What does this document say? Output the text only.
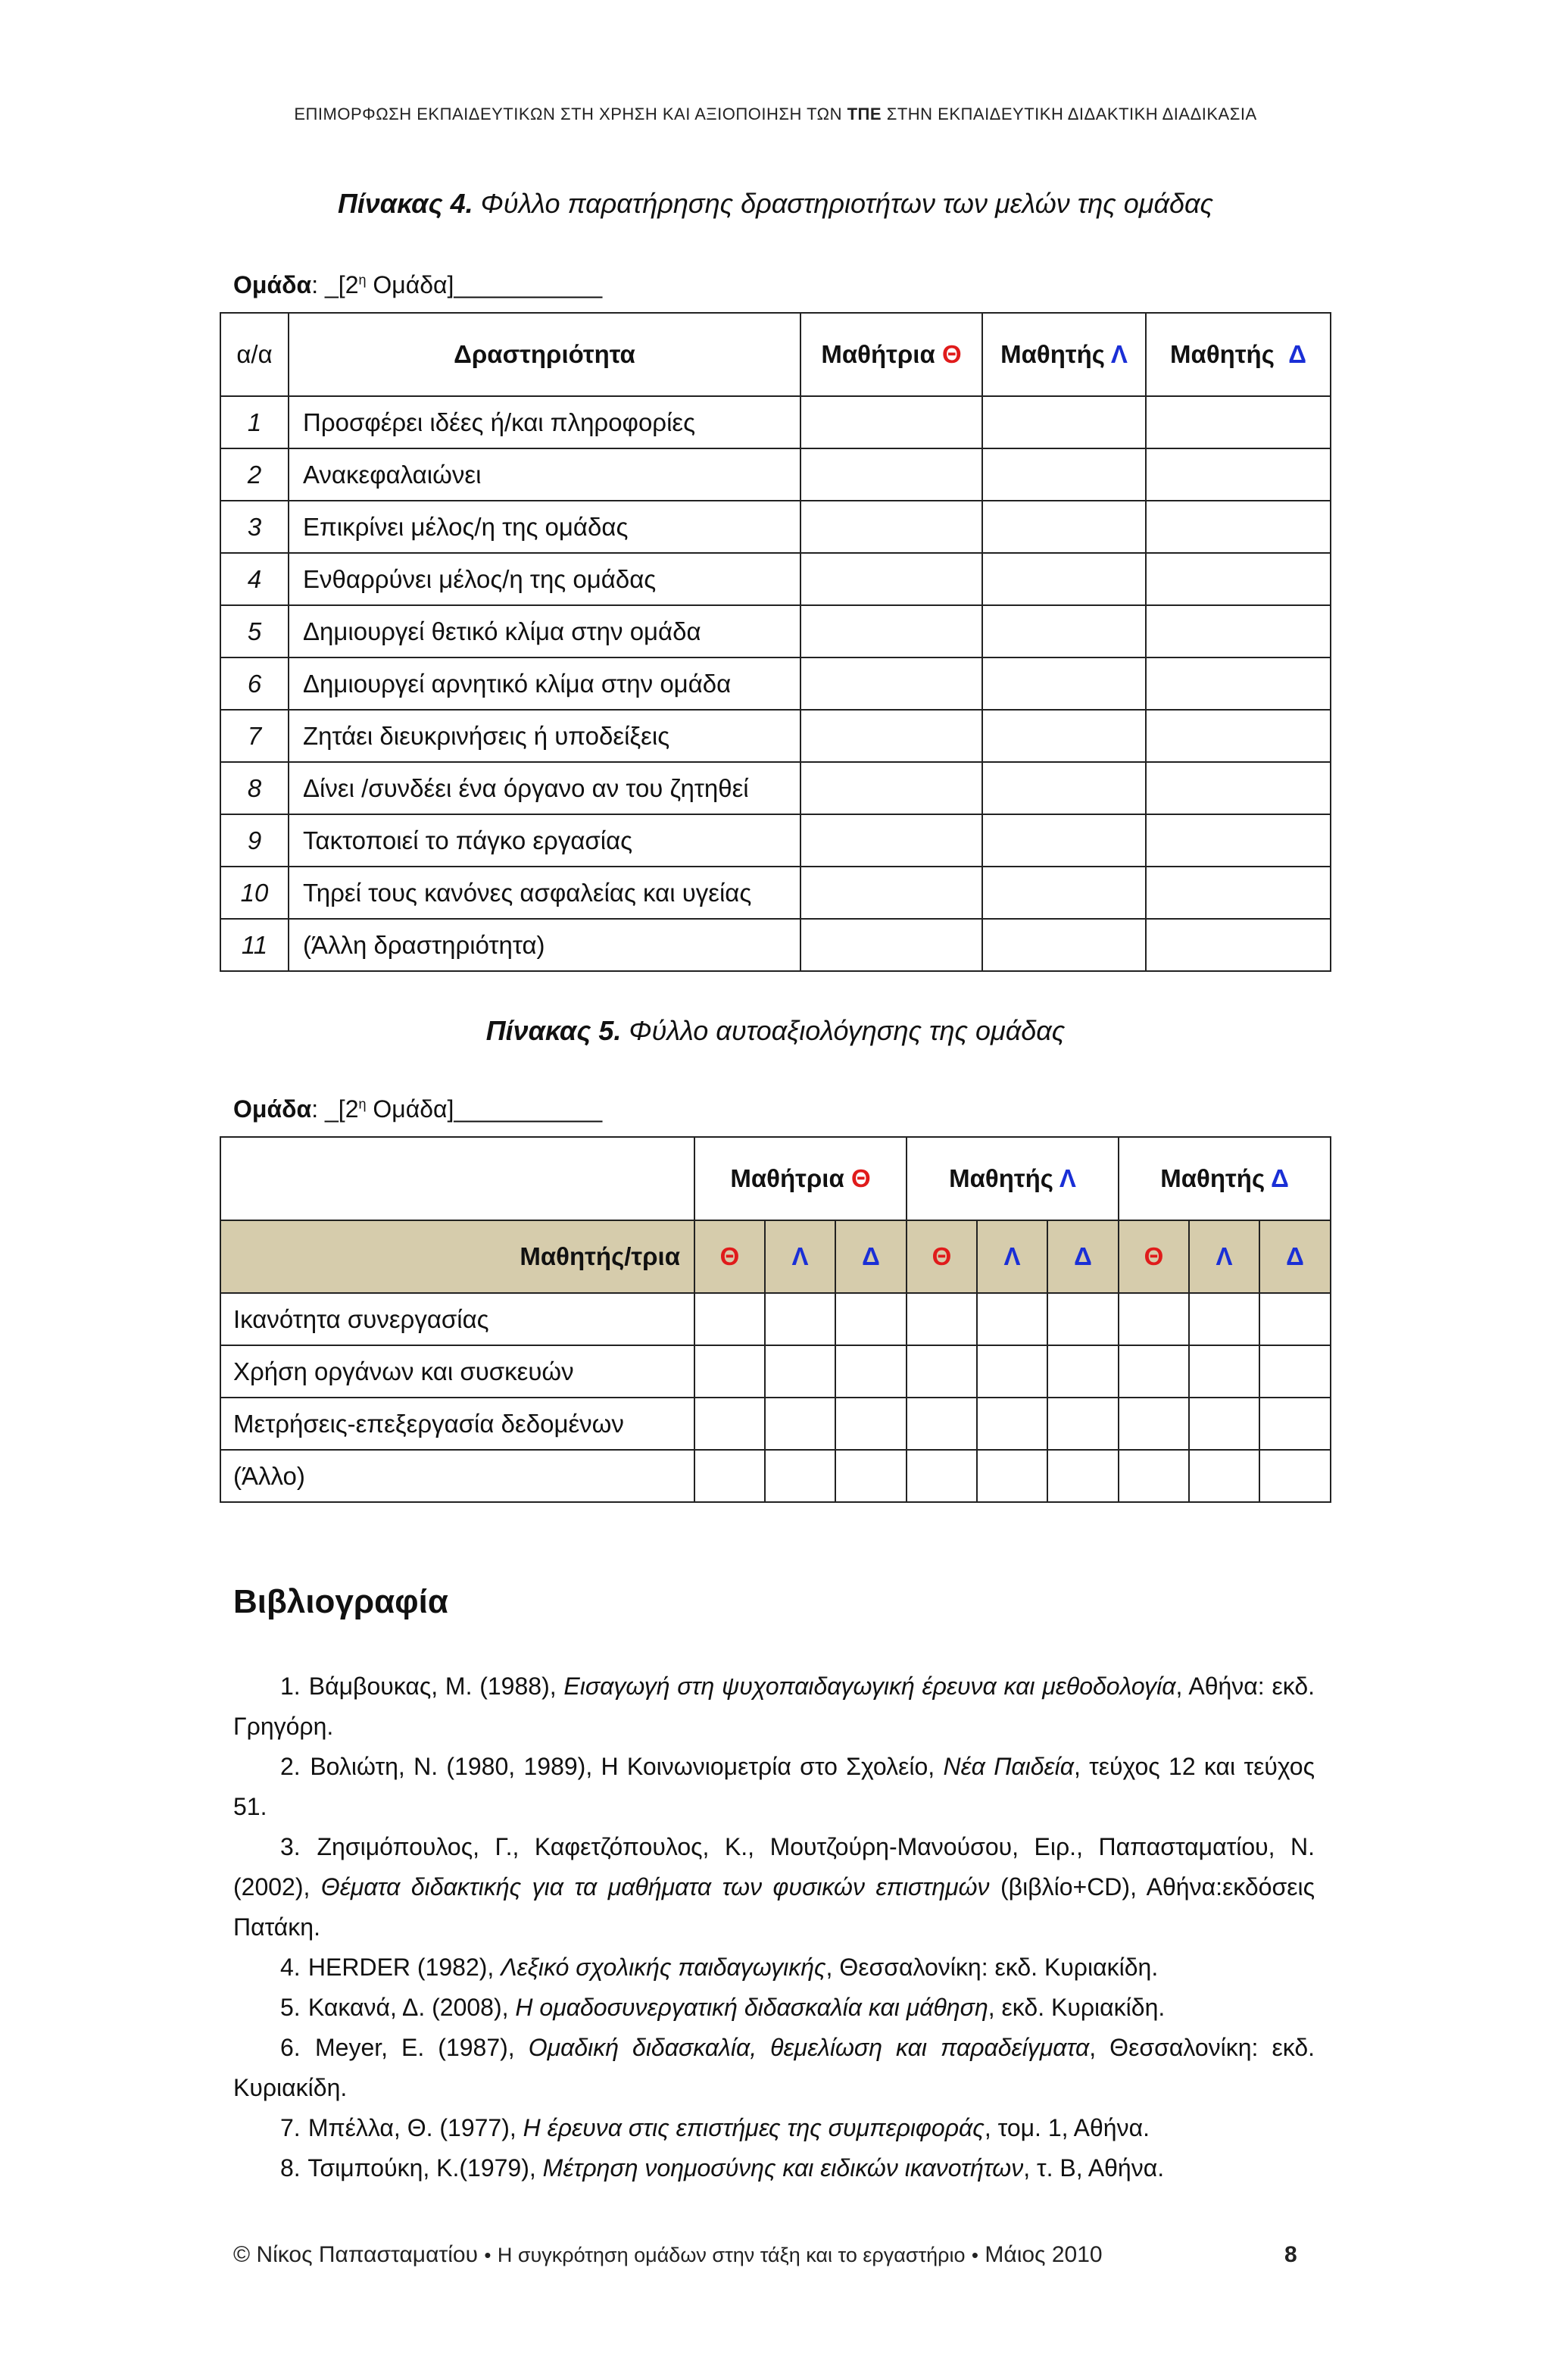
ΕΠΙΜΟΡΦΩΣΗ ΕΚΠΑΙΔΕΥΤΙΚΩΝ ΣΤΗ ΧΡΗΣΗ ΚΑΙ ΑΞΙΟΠΟΙΗΣΗ ΤΩΝ ΤΠΕ ΣΤΗΝ ΕΚΠΑΙΔΕΥΤΙΚΗ ΔΙΔΑΚΤΙΚΗ ΔΙΑΔΙΚΑΣΙΑ
Πίνακας 4. Φύλλο παρατήρησης δραστηριοτήτων των μελών της ομάδας
Ομάδα: $\_[2^\eta$ Ομάδα]___________
α/α	Δραστηριότητα	Μαθήτρια Θ	Μαθητής Λ	Μαθητής Δ
1	Προσφέρει ιδέες ή/και πληροφορίες			
2	Ανακεφαλαιώνει			
3	Επικρίνει μέλος/η της ομάδας			
4	Ενθαρρύνει μέλος/η της ομάδας			
5	Δημιουργεί θετικό κλίμα στην ομάδα			
6	Δημιουργεί αρνητικό κλίμα στην ομάδα			
7	Ζητάει διευκρινήσεις ή υποδείξεις			
8	Δίνει /συνδέει ένα όργανο αν του ζητηθεί			
9	Τακτοποιεί το πάγκο εργασίας			
10	Τηρεί τους κανόνες ασφαλείας και υγείας			
11	(Άλλη δραστηριότητα)			
Πίνακας 5. Φύλλο αυτοαξιολόγησης της ομάδας
Ομάδα: $\_[2^\eta$ Ομάδα]___________
	Μαθήτρια Θ			Μαθητής Λ			Μαθητής Δ		
Μαθητής/τρια	Θ	Λ	Δ	Θ	Λ	Δ	Θ	Λ	Δ
Ικανότητα συνεργασίας									
Χρήση οργάνων και συσκευών									
Μετρήσεις-επεξεργασία δεδομένων									
(Άλλο)									
Βιβλιογραφία

1. Βάμβουκας, Μ. (1988), Εισαγωγή στη ψυχοπαιδαγωγική έρευνα και μεθοδολογία, Αθήνα: εκδ. Γρηγόρη.

2. Βολιώτη, Ν. (1980, 1989), Η Κοινωνιομετρία στο Σχολείο, Νέα Παιδεία, τεύχος 12 και τεύχος 51.

3. Ζησιμόπουλος, Γ., Καφετζόπουλος, Κ., Μουτζούρη-Μανούσου, Ειρ., Παπασταματίου, Ν. (2002), Θέματα διδακτικής για τα μαθήματα των φυσικών επιστημών (βιβλίο+CD), Αθήνα:εκδόσεις Πατάκη.

4. HERDER (1982), Λεξικό σχολικής παιδαγωγικής, Θεσσαλονίκη: εκδ. Κυριακίδη.

5. Κακανά, Δ. (2008), Η ομαδοσυνεργατική διδασκαλία και μάθηση, εκδ. Κυριακίδη.

6. Meyer, E. (1987), Ομαδική διδασκαλία, θεμελίωση και παραδείγματα, Θεσσαλονίκη: εκδ. Κυριακίδη.

7. Μπέλλα, Θ. (1977), Η έρευνα στις επιστήμες της συμπεριφοράς, τομ. 1, Αθήνα.

8. Τσιμπούκη, Κ.(1979), Μέτρηση νοημοσύνης και ειδικών ικανοτήτων, τ. Β, Αθήνα.

© Νίκος Παπασταματίου • Η συγκρότηση ομάδων στην τάξη και το εργαστήριο • Μάιος 2010	8
